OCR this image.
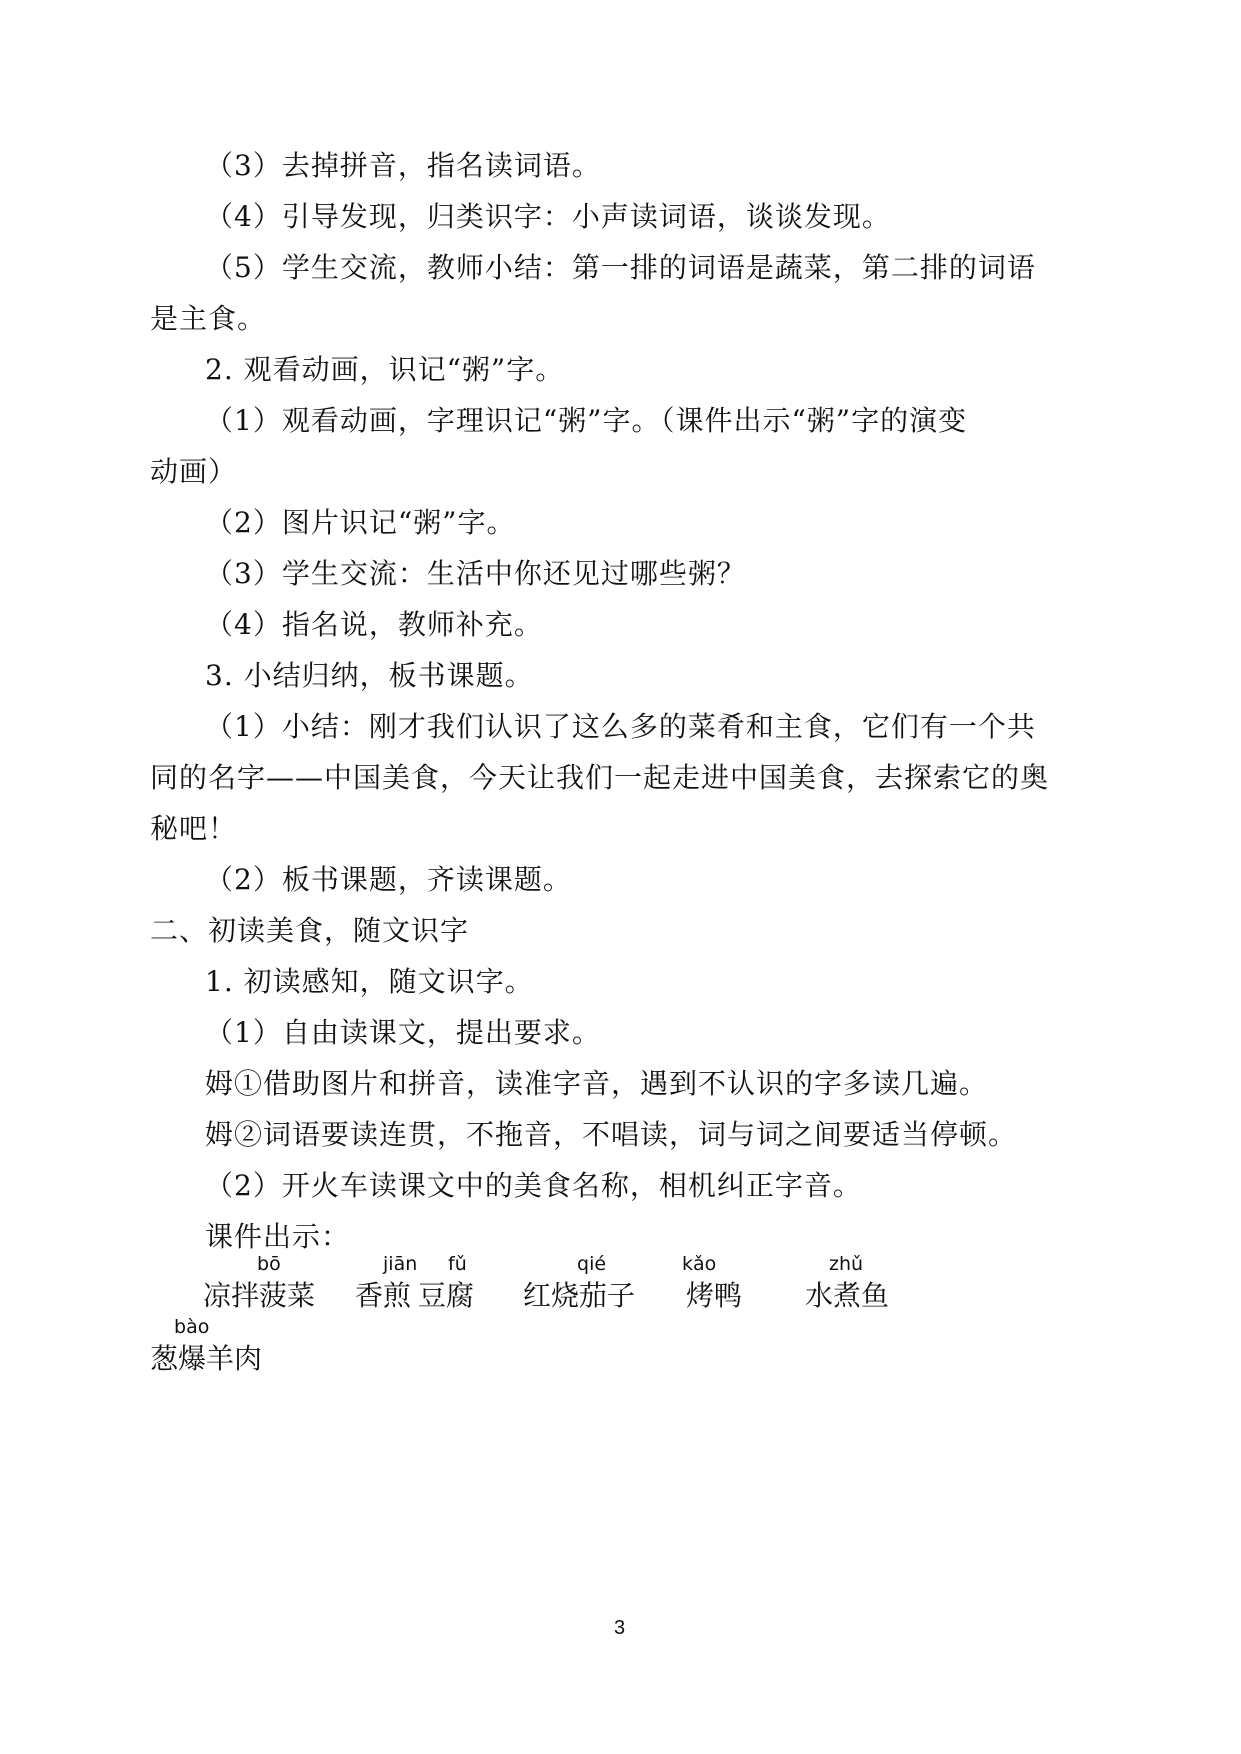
（3）去掉拼音，指名读词语。
（4）引导发现，归类识字：小声读词语，谈谈发现。
（5）学生交流，教师小结：第一排的词语是蔬菜，第二排的词语
是主食。
2. 观看动画，识记“粥”字。
（1）观看动画，字理识记“粥”字。（课件出示“粥”字的演变
动画）
（2）图片识记“粥”字。
（3）学生交流：生活中你还见过哪些粥？
（4）指名说，教师补充。
3. 小结归纳，板书课题。
（1）小结：刚才我们认识了这么多的菜肴和主食，它们有一个共
同的名字——中国美食，今天让我们一起走进中国美食，去探索它的奥
秘吧！
（2）板书课题，齐读课题。
二、初读美食，随文识字
1. 初读感知，随文识字。
（1）自由读课文，提出要求。
姆①借助图片和拼音，读准字音，遇到不认识的字多读几遍。
姆②词语要读连贯，不拖音，不唱读，词与词之间要适当停顿。
（2）开火车读课文中的美食名称，相机纠正字音。
课件出示：
凉拌
bō
菠菜 香
jiān
煎 豆
fǔ
腐 红烧
qié
茄子
kǎo
烤鸭 水
zhǔ
煮鱼
葱
bào
爆羊肉
3
